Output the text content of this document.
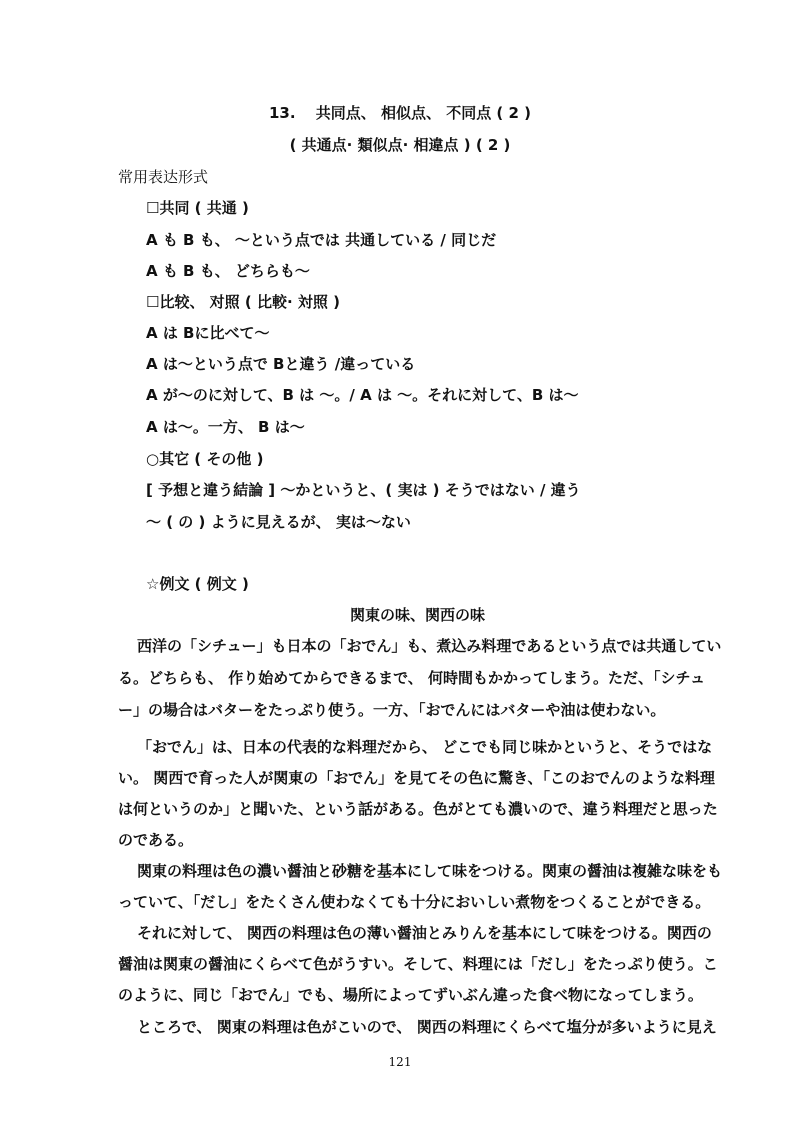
13.　 共同点、 相似点、 不同点 ( 2 )
( 共通点· 類似点· 相違点 ) ( 2 )
常用表达形式
☐共同 ( 共通 )
A も B も、 ～という点では 共通している / 同じだ
A も B も、 どちらも～
☐比较、 对照 ( 比較· 対照 )
A は Bに比べて～
A は～という点で Bと違う /違っている
A が～のに対して、B は ～。/ A は ～。それに対して、B は～
A は～。一方、 B は～
○其它 ( その他 )
[ 予想と違う結論 ] ～かというと、( 実は ) そうではない / 違う
～ ( の ) ように見えるが、 実は～ない
☆例文 ( 例文 )
関東の味、関西の味
西洋の「シチュー」も日本の「おでん」も、煮込み料理であるという点では共通してい
る。どちらも、 作り始めてからできるまで、 何時間もかかってしまう。ただ、「シチュ
ー」の場合はバターをたっぷり使う。一方、「おでんにはバターや油は使わない。
「おでん」は、日本の代表的な料理だから、 どこでも同じ味かというと、そうではな
い。 関西で育った人が関東の「おでん」を見てその色に驚き、「このおでんのような料理
は何というのか」と聞いた、という話がある。色がとても濃いので、違う料理だと思った
のである。
関東の料理は色の濃い醤油と砂糖を基本にして味をつける。関東の醤油は複雑な味をも
っていて、「だし」をたくさん使わなくても十分においしい煮物をつくることができる。
それに対して、 関西の料理は色の薄い醤油とみりんを基本にして味をつける。関西の
醤油は関東の醤油にくらべて色がうすい。そして、料理には「だし」をたっぷり使う。こ
のように、同じ「おでん」でも、場所によってずいぶん違った食べ物になってしまう。
ところで、 関東の料理は色がこいので、 関西の料理にくらべて塩分が多いように見え
121
